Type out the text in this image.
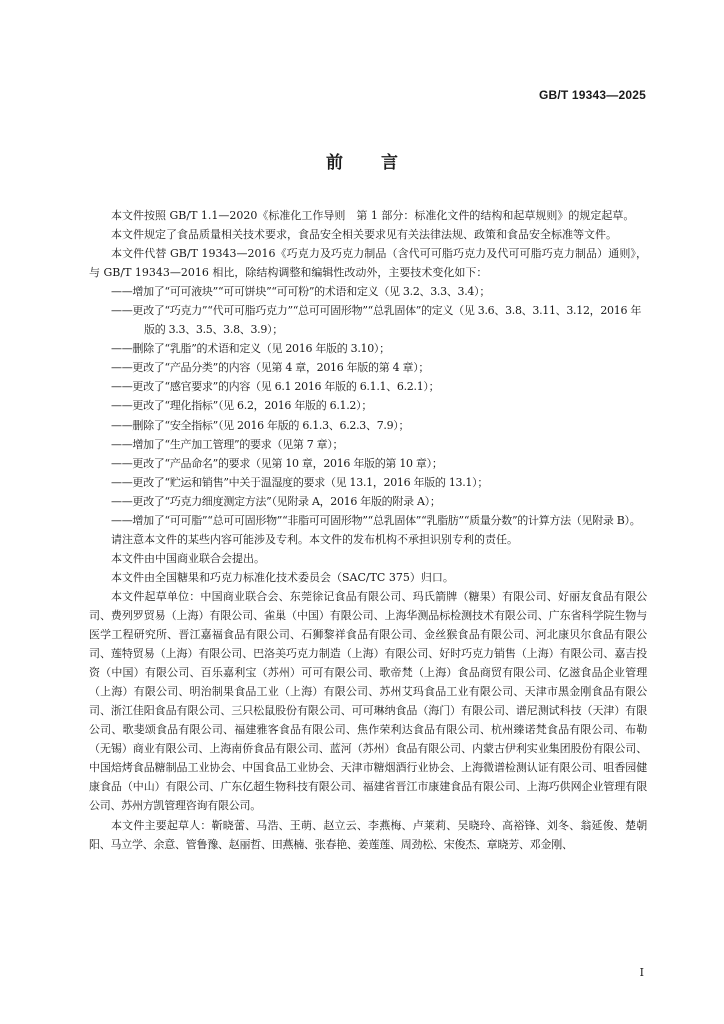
GB/T 19343—2025
前言

本文件按照 GB/T 1.1—2020《标准化工作导则　第 1 部分：标准化文件的结构和起草规则》的规定起草。

本文件规定了食品质量相关技术要求，食品安全相关要求见有关法律法规、政策和食品安全标准等文件。

本文件代替 GB/T 19343—2016《巧克力及巧克力制品（含代可可脂巧克力及代可可脂巧克力制品）通则》，与 GB/T 19343—2016 相比，除结构调整和编辑性改动外，主要技术变化如下：

——增加了“可可液块”“可可饼块”“可可粉”的术语和定义（见 3.2、3.3、3.4）；

——更改了“巧克力”“代可可脂巧克力”“总可可固形物”“总乳固体”的定义（见 3.6、3.8、3.11、3.12，2016 年版的 3.3、3.5、3.8、3.9）；

——删除了“乳脂”的术语和定义（见 2016 年版的 3.10）；

——更改了“产品分类”的内容（见第 4 章，2016 年版的第 4 章）；

——更改了“感官要求”的内容（见 6.1 2016 年版的 6.1.1、6.2.1）；

——更改了“理化指标”（见 6.2，2016 年版的 6.1.2）；

——删除了“安全指标”（见 2016 年版的 6.1.3、6.2.3、7.9）；

——增加了“生产加工管理”的要求（见第 7 章）；

——更改了“产品命名”的要求（见第 10 章，2016 年版的第 10 章）；

——更改了“贮运和销售”中关于温湿度的要求（见 13.1，2016 年版的 13.1）；

——更改了“巧克力细度测定方法”（见附录 A，2016 年版的附录 A）；

——增加了“可可脂”“总可可固形物”“非脂可可固形物”“总乳固体”“乳脂肪”“质量分数”的计算方法（见附录 B）。

请注意本文件的某些内容可能涉及专利。本文件的发布机构不承担识别专利的责任。

本文件由中国商业联合会提出。

本文件由全国糖果和巧克力标准化技术委员会（SAC/TC 375）归口。

本文件起草单位：中国商业联合会、东莞徐记食品有限公司、玛氏箭牌（糖果）有限公司、好丽友食品有限公司、费列罗贸易（上海）有限公司、雀巢（中国）有限公司、上海华测品标检测技术有限公司、广东省科学院生物与医学工程研究所、晋江嘉福食品有限公司、石狮黎祥食品有限公司、金丝猴食品有限公司、河北康贝尔食品有限公司、莲特贸易（上海）有限公司、巴洛美巧克力制造（上海）有限公司、好时巧克力销售（上海）有限公司、嘉吉投资（中国）有限公司、百乐嘉利宝（苏州）可可有限公司、歌帝梵（上海）食品商贸有限公司、亿滋食品企业管理（上海）有限公司、明治制果食品工业（上海）有限公司、苏州艾玛食品工业有限公司、天津市黑金刚食品有限公司、浙江佳阳食品有限公司、三只松鼠股份有限公司、可可琳纳食品（海门）有限公司、谱尼测试科技（天津）有限公司、歌斐颂食品有限公司、福建雅客食品有限公司、焦作荣利达食品有限公司、杭州臻诺梵食品有限公司、布勒（无锡）商业有限公司、上海南侨食品有限公司、蓝河（苏州）食品有限公司、内蒙古伊利实业集团股份有限公司、中国焙烤食品糖制品工业协会、中国食品工业协会、天津市糖烟酒行业协会、上海微谱检测认证有限公司、咀香园健康食品（中山）有限公司、广东亿超生物科技有限公司、福建省晋江市康建食品有限公司、上海巧供网企业管理有限公司、苏州方凯管理咨询有限公司。

本文件主要起草人：靳晓蕾、马浩、王萌、赵立云、李燕梅、卢莱莉、吴晓玲、高裕锋、刘冬、翁延俊、楚朝阳、马立学、余意、管鲁豫、赵丽哲、田燕楠、张春艳、姜莲莲、周劲松、宋俊杰、章晓芳、邓金刚、

I
